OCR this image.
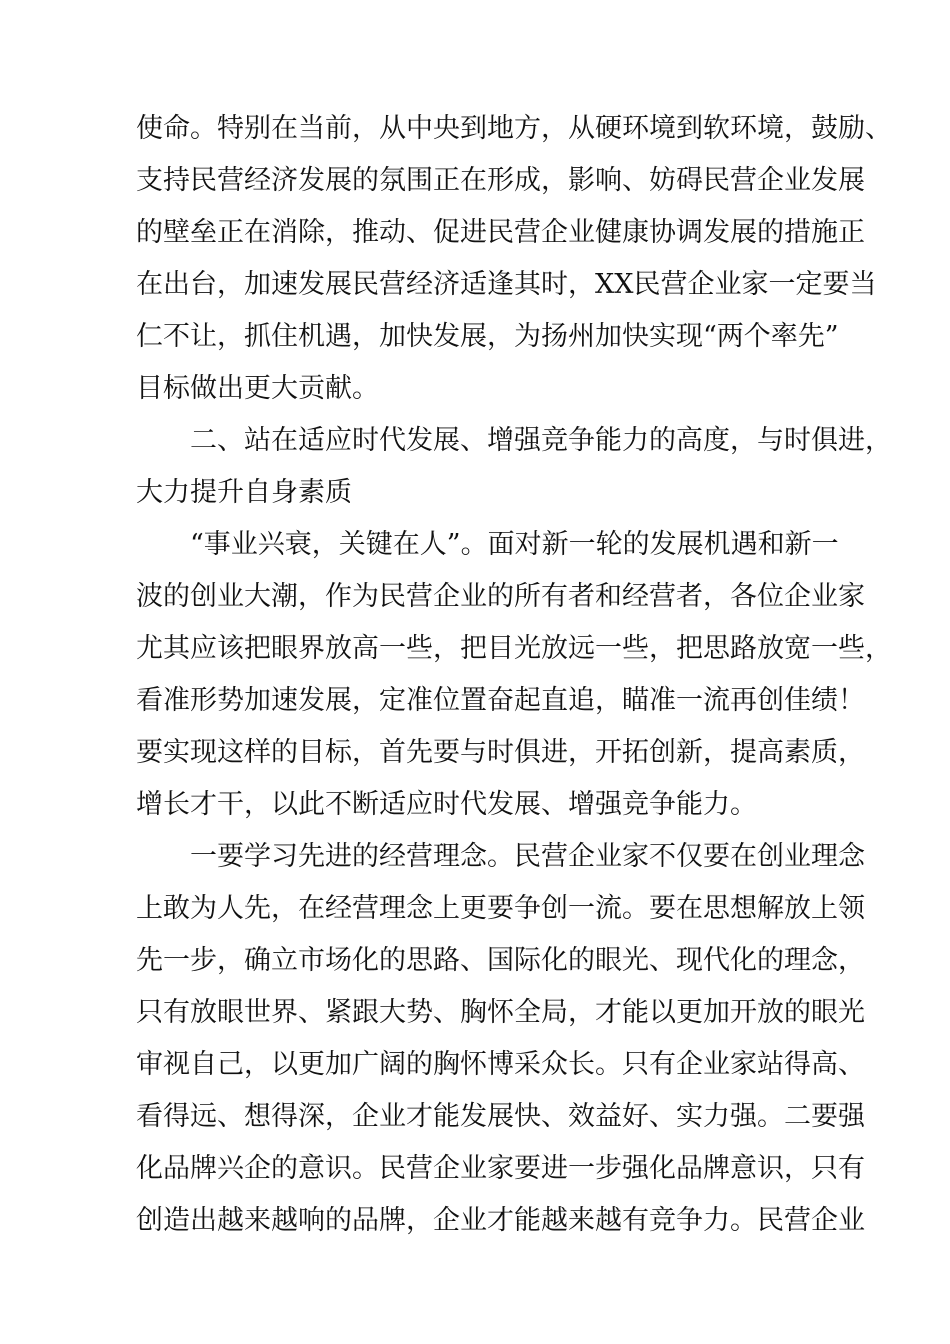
使命。特别在当前，从中央到地方，从硬环境到软环境，鼓励、
支持民营经济发展的氛围正在形成，影响、妨碍民营企业发展
的壁垒正在消除，推动、促进民营企业健康协调发展的措施正
在出台，加速发展民营经济适逢其时，XX民营企业家一定要当
仁不让，抓住机遇，加快发展，为扬州加快实现“两个率先”
目标做出更大贡献。
二、站在适应时代发展、增强竞争能力的高度，与时俱进，
大力提升自身素质
“事业兴衰，关键在人”。面对新一轮的发展机遇和新一
波的创业大潮，作为民营企业的所有者和经营者，各位企业家
尤其应该把眼界放高一些，把目光放远一些，把思路放宽一些，
看准形势加速发展，定准位置奋起直追，瞄准一流再创佳绩！
要实现这样的目标，首先要与时俱进，开拓创新，提高素质，
增长才干，以此不断适应时代发展、增强竞争能力。
一要学习先进的经营理念。民营企业家不仅要在创业理念
上敢为人先，在经营理念上更要争创一流。要在思想解放上领
先一步，确立市场化的思路、国际化的眼光、现代化的理念，
只有放眼世界、紧跟大势、胸怀全局，才能以更加开放的眼光
审视自己，以更加广阔的胸怀博采众长。只有企业家站得高、
看得远、想得深，企业才能发展快、效益好、实力强。二要强
化品牌兴企的意识。民营企业家要进一步强化品牌意识，只有
创造出越来越响的品牌，企业才能越来越有竞争力。民营企业
